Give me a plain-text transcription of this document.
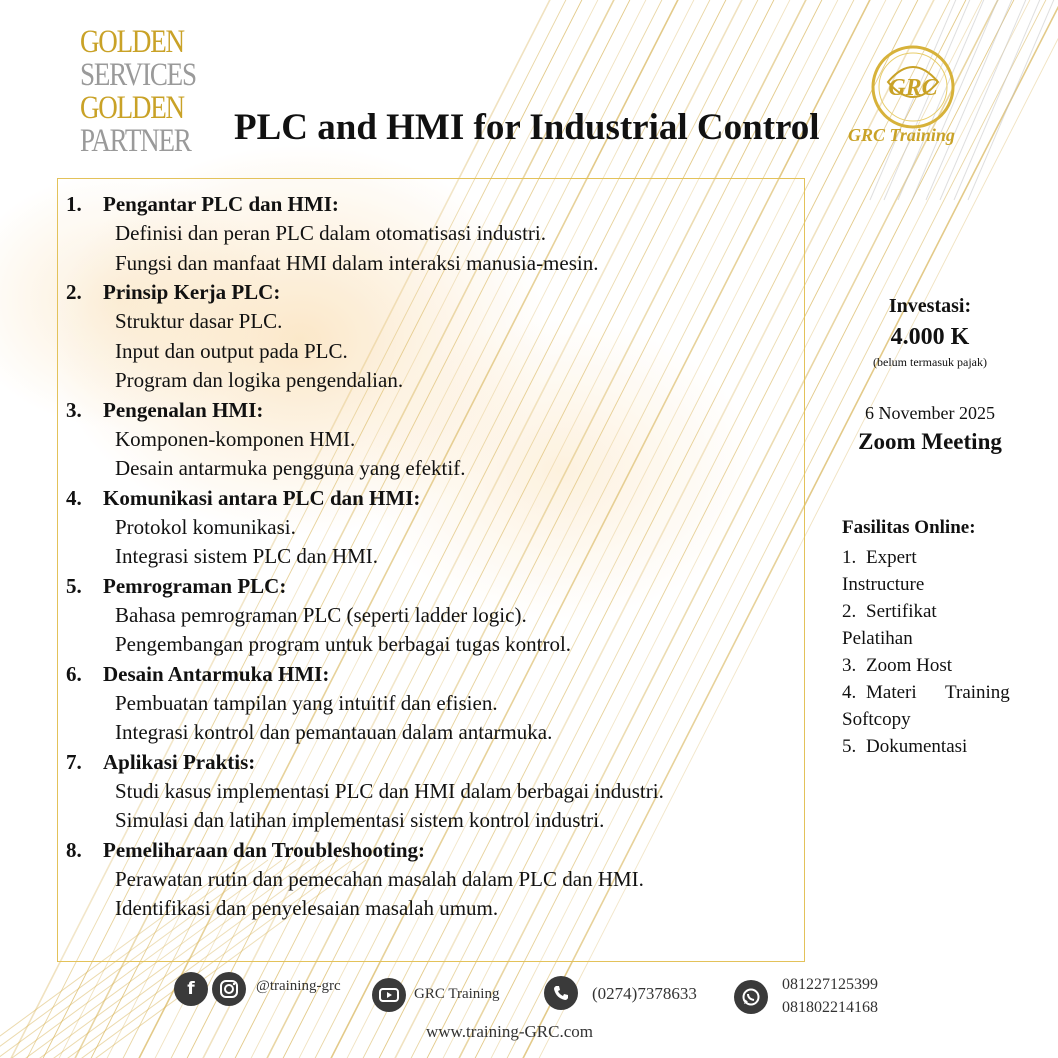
GOLDEN
SERVICES
GOLDEN
PARTNER
GRC
GRC Training
PLC and HMI for Industrial Control
1. Pengantar PLC dan HMI:
Definisi dan peran PLC dalam otomatisasi industri.
Fungsi dan manfaat HMI dalam interaksi manusia-mesin.
2. Prinsip Kerja PLC:
Struktur dasar PLC.
Input dan output pada PLC.
Program dan logika pengendalian.
3. Pengenalan HMI:
Komponen-komponen HMI.
Desain antarmuka pengguna yang efektif.
4. Komunikasi antara PLC dan HMI:
Protokol komunikasi.
Integrasi sistem PLC dan HMI.
5. Pemrograman PLC:
Bahasa pemrograman PLC (seperti ladder logic).
Pengembangan program untuk berbagai tugas kontrol.
6. Desain Antarmuka HMI:
Pembuatan tampilan yang intuitif dan efisien.
Integrasi kontrol dan pemantauan dalam antarmuka.
7. Aplikasi Praktis:
Studi kasus implementasi PLC dan HMI dalam berbagai industri.
Simulasi dan latihan implementasi sistem kontrol industri.
8. Pemeliharaan dan Troubleshooting:
Perawatan rutin dan pemecahan masalah dalam PLC dan HMI.
Identifikasi dan penyelesaian masalah umum.
Investasi:
4.000 K
(belum termasuk pajak)
6 November 2025
Zoom Meeting
Fasilitas Online:
1. Expert
Instructure
2. Sertifikat
Pelatihan
3. Zoom Host
4. Materi Training
Softcopy
5. Dokumentasi
f	@training-grc	GRC Training	(0274)7378633	081227125399
081802214168
www.training-GRC.com
